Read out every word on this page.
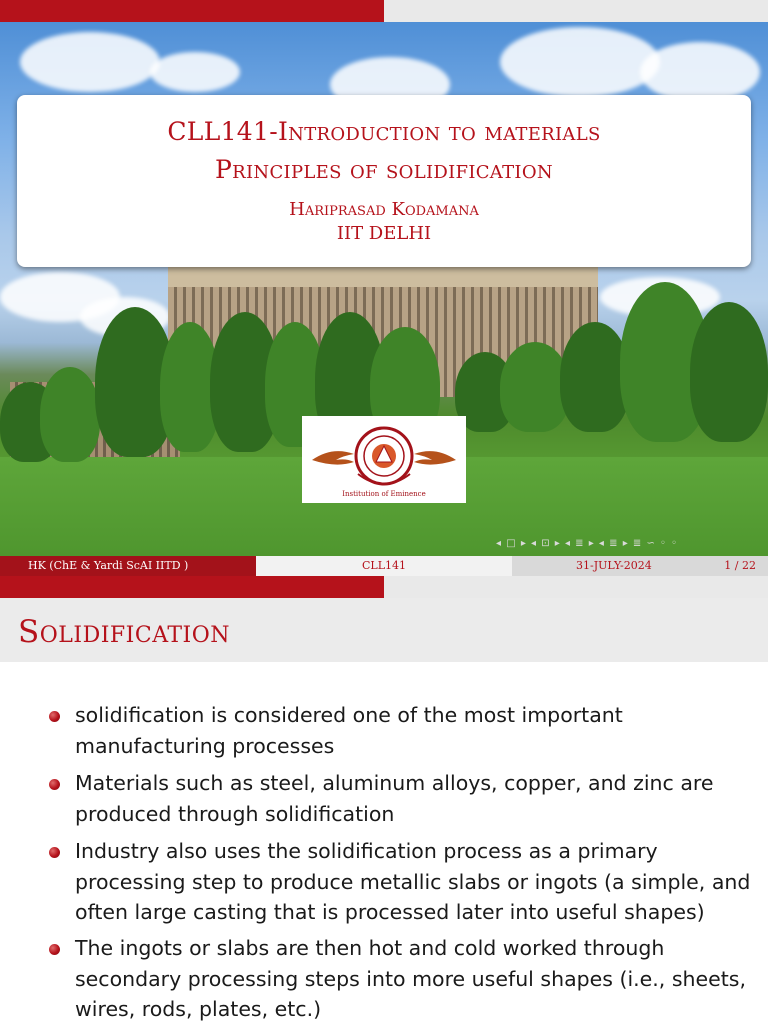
CLL141-Introduction to materials
Principles of solidification
Hariprasad Kodamana
IIT DELHI
Institution of Eminence
◂ □ ▸ ◂ ⊡ ▸ ◂ ≣ ▸ ◂ ≣ ▸ ≣ ∽ ◦ ◦
HK (ChE & Yardi ScAI IITD )	CLL141	31-JULY-2024	1 / 22
Solidification
solidification is considered one of the most important manufacturing processes
Materials such as steel, aluminum alloys, copper, and zinc are produced through solidification
Industry also uses the solidification process as a primary processing step to produce metallic slabs or ingots (a simple, and often large casting that is processed later into useful shapes)
The ingots or slabs are then hot and cold worked through secondary processing steps into more useful shapes (i.e., sheets, wires, rods, plates, etc.)
